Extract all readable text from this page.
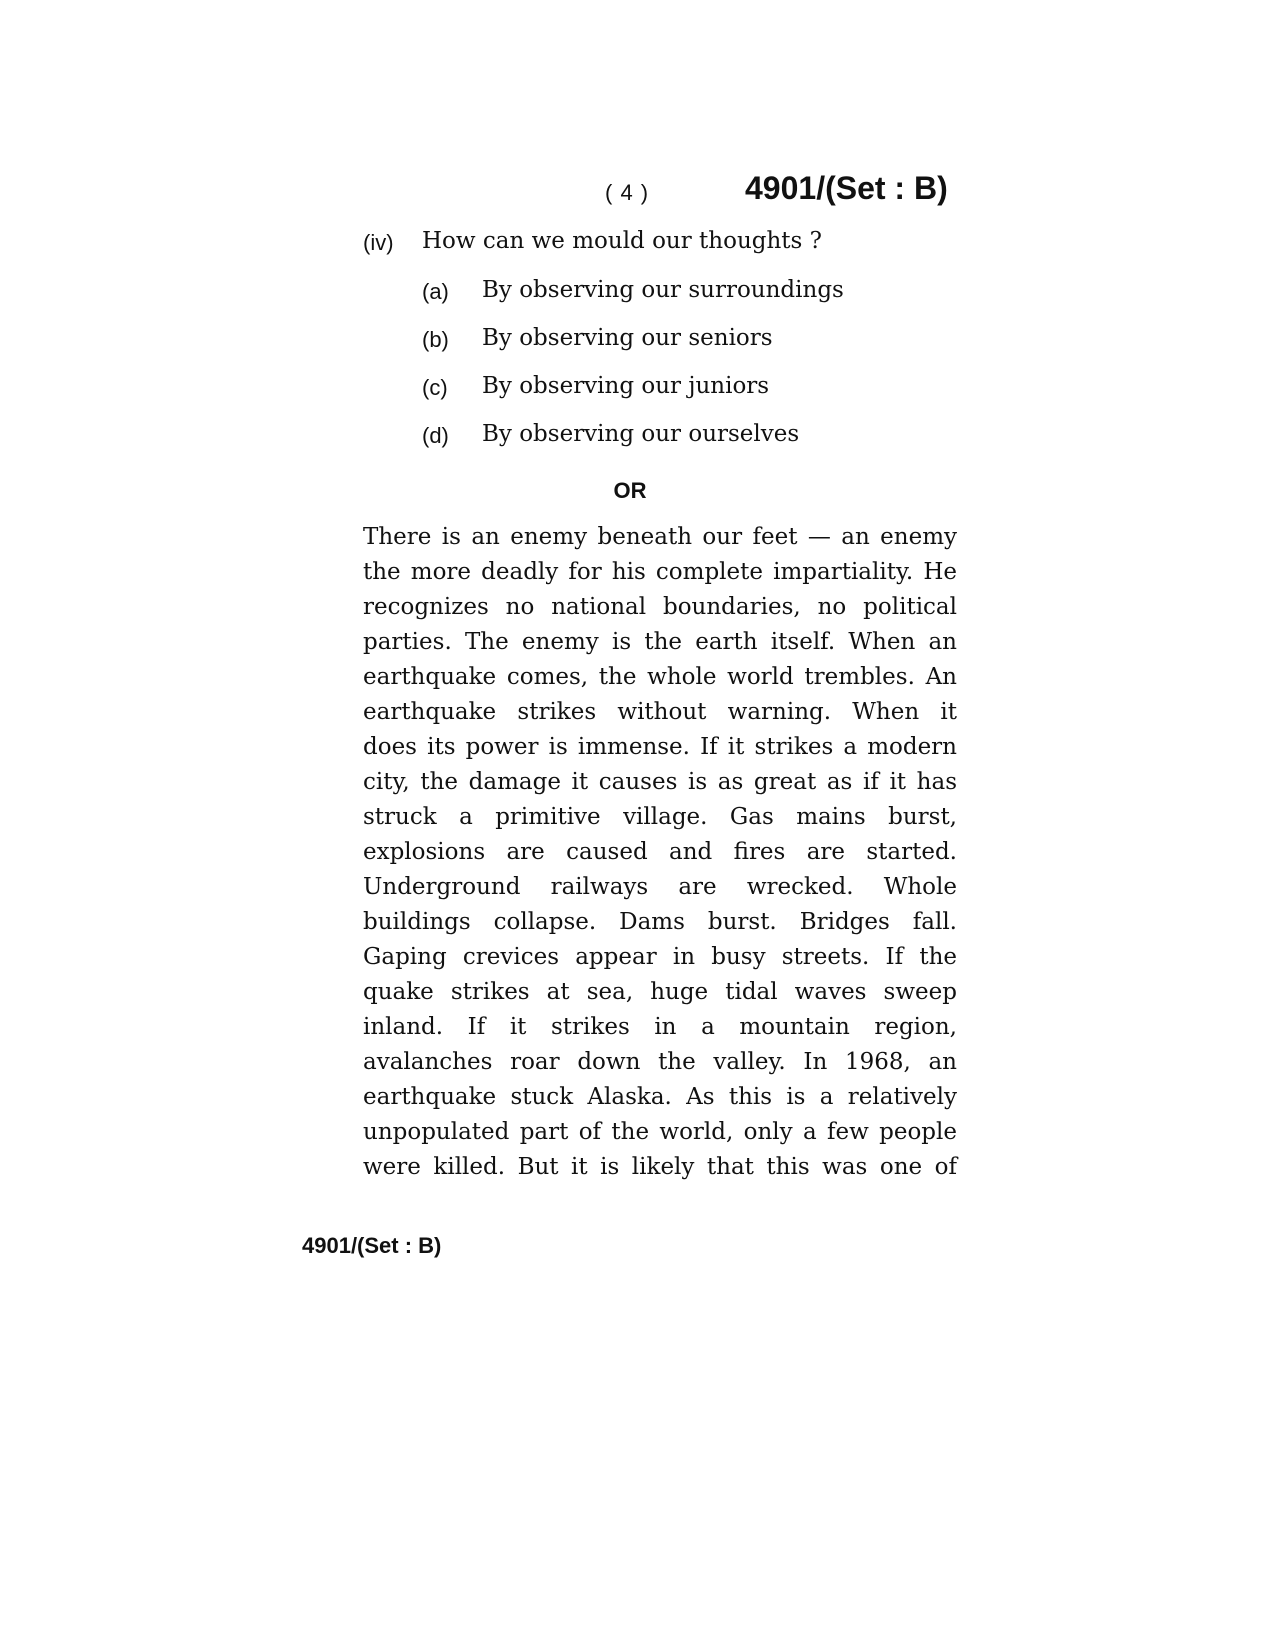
( 4 )	4901/(Set : B)
(iv) How can we mould our thoughts ?
(a) By observing our surroundings
(b) By observing our seniors
(c) By observing our juniors
(d) By observing our ourselves
OR
There is an enemy beneath our feet — an enemy
the more deadly for his complete impartiality. He
recognizes no national boundaries, no political
parties. The enemy is the earth itself. When an
earthquake comes, the whole world trembles. An
earthquake strikes without warning. When it
does its power is immense. If it strikes a modern
city, the damage it causes is as great as if it has
struck a primitive village. Gas mains burst,
explosions are caused and fires are started.
Underground railways are wrecked. Whole
buildings collapse. Dams burst. Bridges fall.
Gaping crevices appear in busy streets. If the
quake strikes at sea, huge tidal waves sweep
inland. If it strikes in a mountain region,
avalanches roar down the valley. In 1968, an
earthquake stuck Alaska. As this is a relatively
unpopulated part of the world, only a few people
were killed. But it is likely that this was one of
4901/(Set : B)
